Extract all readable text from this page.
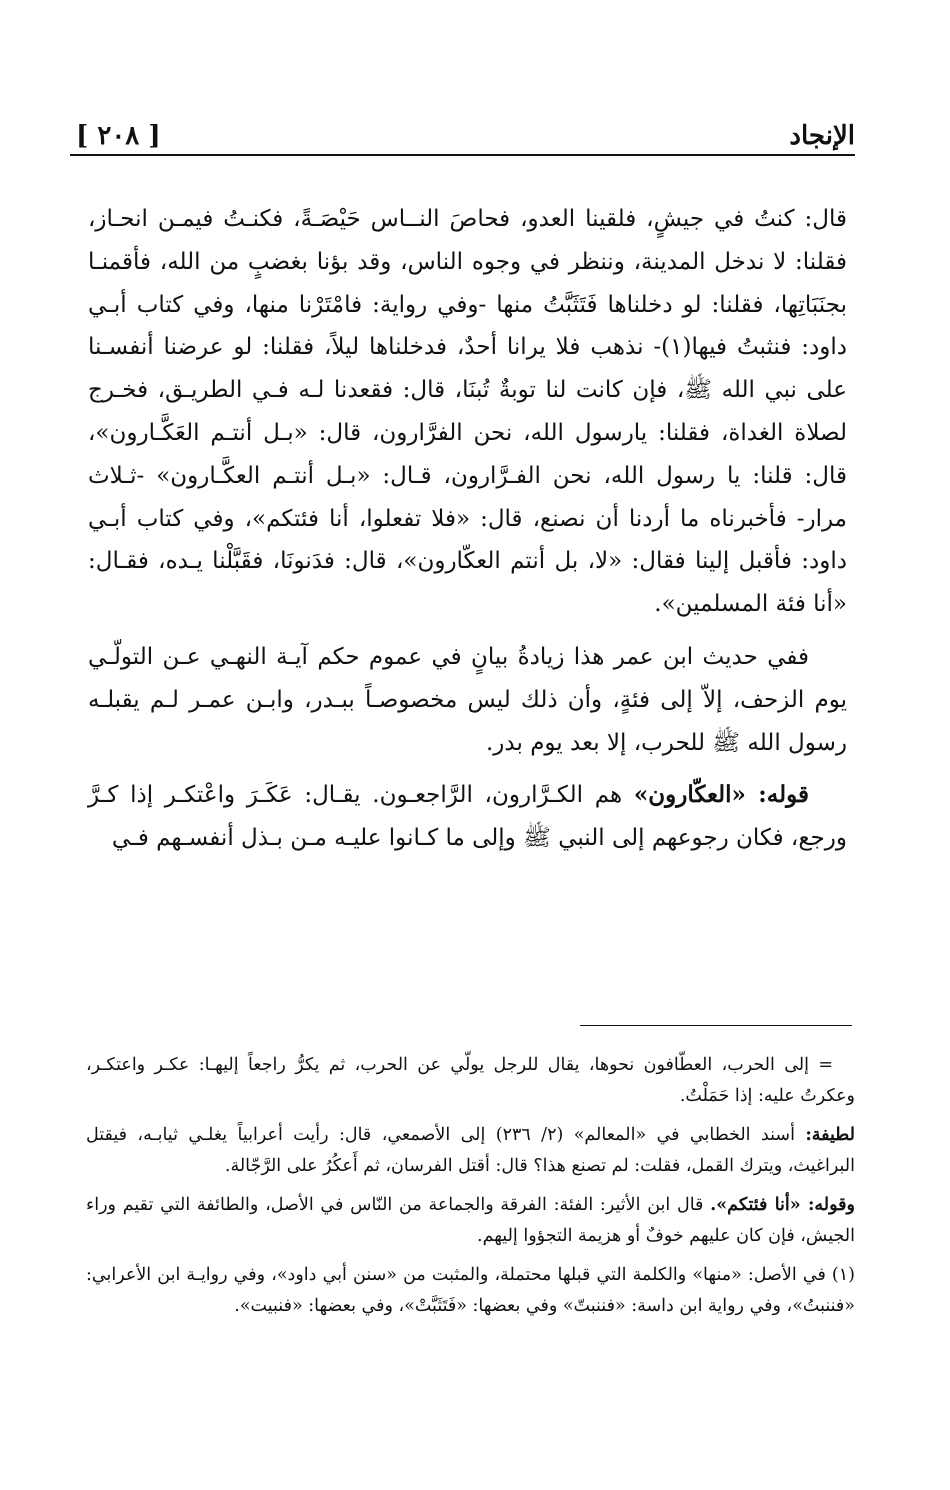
الإنجاد
[ ٢٠٨ ]

قال: كنتُ في جيشٍ، فلقينا العدو، فحاصَ النــاس حَيْصَـةً، فكنـتُ فيمـن انحـاز، فقلنا: لا ندخل المدينة، وننظر في وجوه الناس، وقد بؤنا بغضبٍ من الله، فأقمنـا بجنَبَاتِها، فقلنا: لو دخلناها فَتَثَبَّتُ منها -وفي رواية: فامْتَرْنا منها، وفي كتاب أبـي داود: فنثبتُ فيها(١)- نذهب فلا يرانا أحدٌ، فدخلناها ليلاً، فقلنا: لو عرضنا أنفسـنا على نبي الله ﷺ، فإن كانت لنا توبةٌ تُبنَا، قال: فقعدنا لـه فـي الطريـق، فخـرج لصلاة الغداة، فقلنا: يارسول الله، نحن الفرَّارون، قال: «بـل أنتـم العَكَّـارون»، قال: قلنا: يا رسول الله، نحن الفـرَّارون، قـال: «بـل أنتـم العكَّـارون» -ثـلاث مرار- فأخبرناه ما أردنا أن نصنع، قال: «فلا تفعلوا، أنا فئتكم»، وفي كتاب أبـي داود: فأقبل إلينا فقال: «لا، بل أنتم العكّارون»، قال: فدَنونَا، فقَبَّلْنا يـده، فقـال: «أنا فئة المسلمين».

ففي حديث ابن عمر هذا زيادةُ بيانٍ في عموم حكم آيـة النهـي عـن التولّـي يوم الزحف، إلاّ إلى فئةٍ، وأن ذلك ليس مخصوصـاً ببـدر، وابـن عمـر لـم يقبلـه رسول الله ﷺ للحرب، إلا بعد يوم بدر.

قوله: «العكّارون» هم الكـرَّارون، الرَّاجعـون. يقـال: عَكَـرَ واعْتكـر إذا كـرَّ ورجع، فكان رجوعهم إلى النبي ﷺ وإلى ما كـانوا عليـه مـن بـذل أنفسـهم فـي

= إلى الحرب، العطّافون نحوها، يقال للرجل يولّي عن الحرب، ثم يكرُّ راجعاً إليهـا: عكـر واعتكـر، وعكرتُ عليه: إذا حَمَلْتُ.

لطيفة: أسند الخطابي في «المعالم» (٢/ ٢٣٦) إلى الأصمعي، قال: رأيت أعرابياً يغلـي ثيابـه، فيقتل البراغيث، ويترك القمل، فقلت: لم تصنع هذا؟ قال: أقتل الفرسان، ثم أَعكُرُ على الرَّجّالة.

وقوله: «أنا فئتكم». قال ابن الأثير: الفئة: الفرقة والجماعة من النّاس في الأصل، والطائفة التي تقيم وراء الجيش، فإن كان عليهم خوفٌ أو هزيمة التجؤوا إليهم.

(١) في الأصل: «منها» والكلمة التي قبلها محتملة، والمثبت من «سنن أبي داود»، وفي روايـة ابن الأعرابي: «فننبتُ»، وفي رواية ابن داسة: «فننبتّ» وفي بعضها: «فَتَثَبَّتْ»، وفي بعضها: «فنبيت».
